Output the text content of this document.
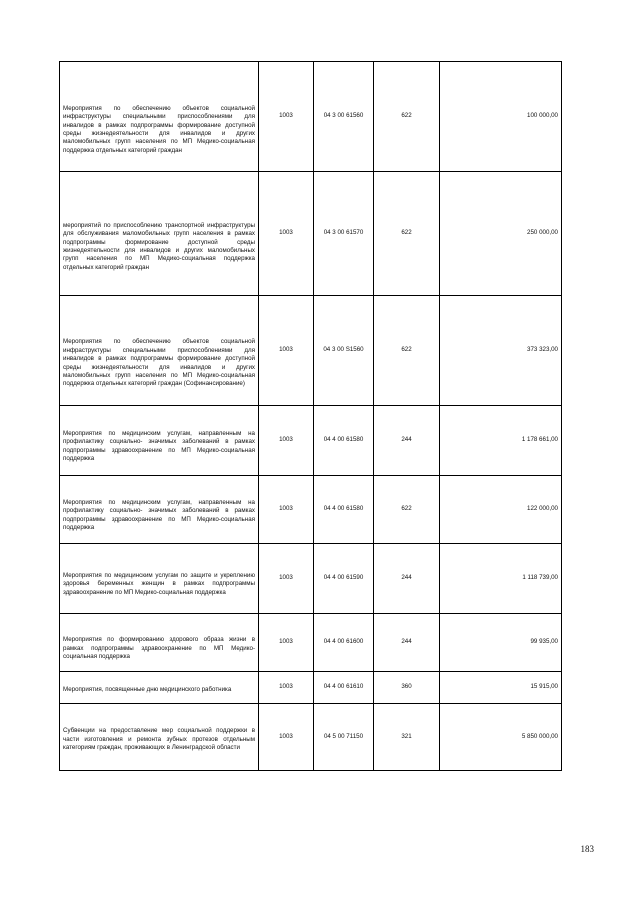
Мероприятия по обеспечению объектов социальной инфраструктуры специальными приспособлениями для инвалидов в рамках подпрограммы формирование доступной среды жизнедеятельности для инвалидов и других маломобильных групп населения по МП Медико-социальная поддержка отдельных категорий граждан	1003	04 3 00 61560	622	100 000,00

мероприятий по приспособлению транспортной инфраструктуры для обслуживания маломобильных групп населения в рамках подпрограммы формирование доступной среды жизнедеятельности для инвалидов и других маломобильных групп населения по МП Медико-социальная поддержка отдельных категорий граждан	1003	04 3 00 61570	622	250 000,00

Мероприятия по обеспечению объектов социальной инфраструктуры специальными приспособлениями для инвалидов в рамках подпрограммы формирование доступной среды жизнедеятельности для инвалидов и других маломобильных групп населения по МП Медико-социальная поддержка отдельных категорий граждан (Софинансирование)	1003	04 3 00 S1560	622	373 323,00

Мероприятия по медицинским услугам, направленным на профилактику социально- значимых заболеваний в рамках подпрограммы здравоохранение по МП Медико-социальная поддержка	1003	04 4 00 61580	244	1 178 661,00

Мероприятия по медицинским услугам, направленным на профилактику социально- значимых заболеваний в рамках подпрограммы здравоохранение по МП Медико-социальная поддержка	1003	04 4 00 61580	622	122 000,00

Мероприятия по медицинским услугам по защите и укреплению здоровья беременных женщин в рамках подпрограммы здравоохранение по МП Медико-социальная поддержка	1003	04 4 00 61590	244	1 118 739,00

Мероприятия по формированию здорового образа жизни в рамках подпрограммы здравоохранение по МП Медико-социальная поддержка	1003	04 4 00 61600	244	99 935,00

Мероприятия, посвященные дню медицинского работника	1003	04 4 00 61610	360	15 915,00

Субвенции на предоставление мер социальной поддержки в части изготовления и ремонта зубных протезов отдельным категориям граждан, проживающих в Ленинградской области	1003	04 5 00 71150	321	5 850 000,00
183
